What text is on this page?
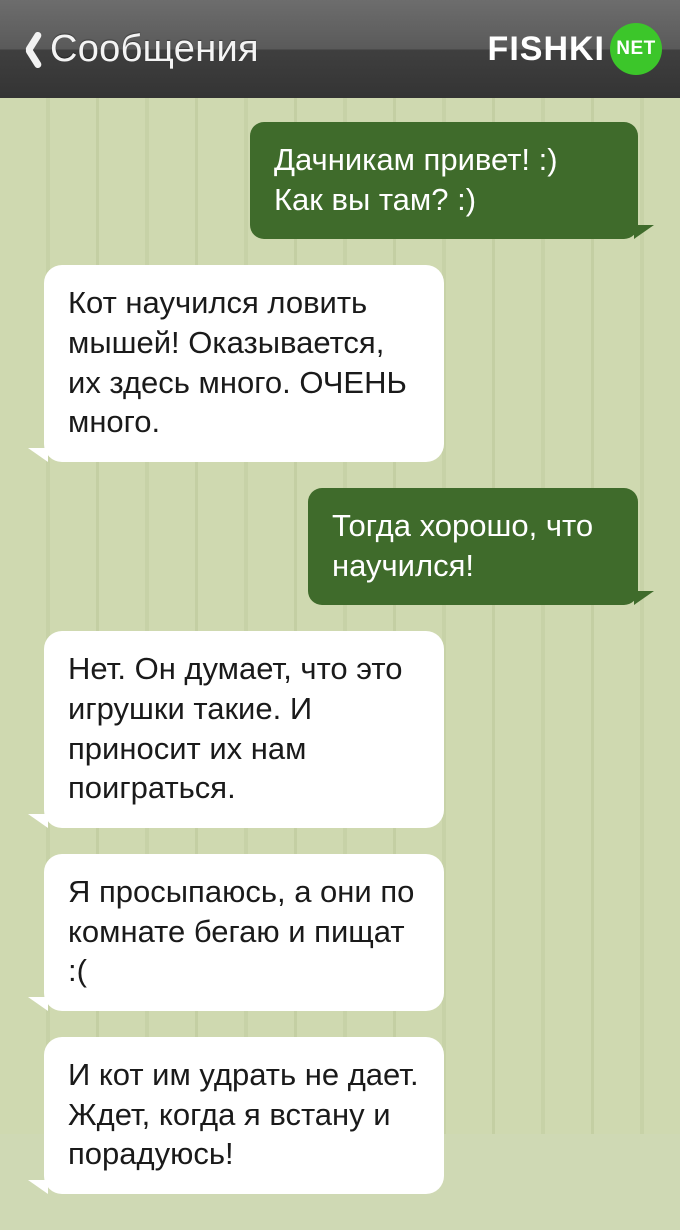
Сообщения	FISHKI NET
Дачникам привет! :) Как вы там? :)
Кот научился ловить мышей! Оказывается, их здесь много. ОЧЕНЬ много.
Тогда хорошо, что научился!
Нет. Он думает, что это игрушки такие. И приносит их нам поиграться.
Я просыпаюсь, а они по комнате бегаю и пищат :(
И кот им удрать не дает. Ждет, когда я встану и порадуюсь!
